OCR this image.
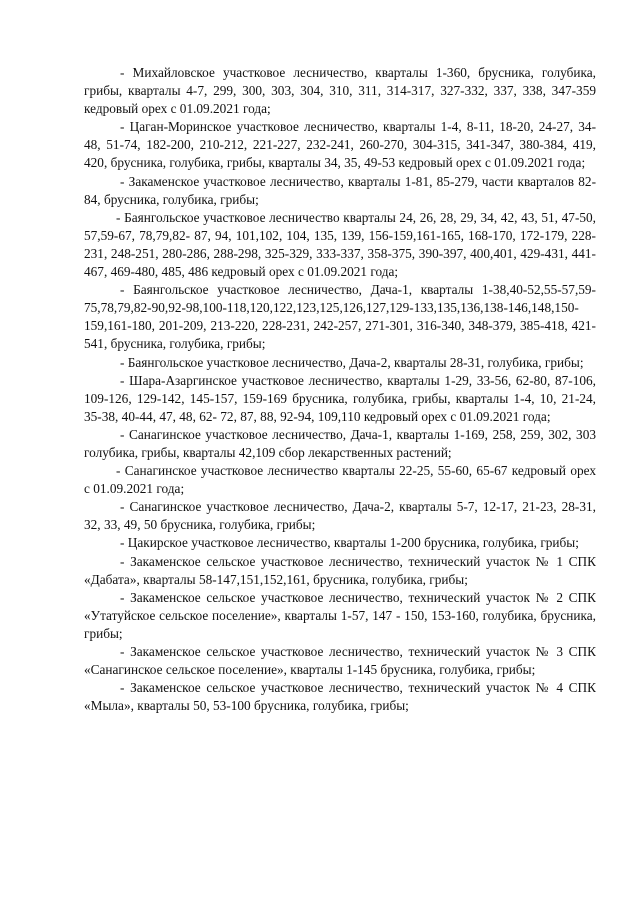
- Михайловское участковое лесничество, кварталы 1-360, брусника, голубика, грибы, кварталы 4-7, 299, 300, 303, 304, 310, 311, 314-317, 327-332, 337, 338, 347-359 кедровый орех с 01.09.2021 года;

- Цаган-Моринское участковое лесничество, кварталы 1-4, 8-11, 18-20, 24-27, 34-48, 51-74, 182-200, 210-212, 221-227, 232-241, 260-270, 304-315, 341-347, 380-384, 419, 420, брусника, голубика, грибы, кварталы 34, 35, 49-53 кедровый орех с 01.09.2021 года;

- Закаменское участковое лесничество, кварталы 1-81, 85-279, части кварталов 82-84, брусника, голубика, грибы;

- Баянгольское участковое лесничество кварталы 24, 26, 28, 29, 34, 42, 43, 51, 47-50, 57,59-67, 78,79,82- 87, 94, 101,102, 104, 135, 139, 156-159,161-165, 168-170, 172-179, 228-231, 248-251, 280-286, 288-298, 325-329, 333-337, 358-375, 390-397, 400,401, 429-431, 441-467, 469-480, 485, 486 кедровый орех с 01.09.2021 года;

- Баянгольское участковое лесничество, Дача-1, кварталы 1-38,40-52,55-57,59-75,78,79,82-90,92-98,100-118,120,122,123,125,126,127,129-133,135,136,138-146,148,150-159,161-180, 201-209, 213-220, 228-231, 242-257, 271-301, 316-340, 348-379, 385-418, 421-541, брусника, голубика, грибы;

- Баянгольское участковое лесничество, Дача-2, кварталы 28-31, голубика, грибы;

- Шара-Азаргинское участковое лесничество, кварталы 1-29, 33-56, 62-80, 87-106, 109-126, 129-142, 145-157, 159-169 брусника, голубика, грибы, кварталы 1-4, 10, 21-24, 35-38, 40-44, 47, 48, 62- 72, 87, 88, 92-94, 109,110 кедровый орех с 01.09.2021 года;

- Санагинское участковое лесничество, Дача-1, кварталы 1-169, 258, 259, 302, 303 голубика, грибы, кварталы 42,109 сбор лекарственных растений;

- Санагинское участковое лесничество кварталы 22-25, 55-60, 65-67 кедровый орех с 01.09.2021 года;

- Санагинское участковое лесничество, Дача-2, кварталы 5-7, 12-17, 21-23, 28-31, 32, 33, 49, 50 брусника, голубика, грибы;

- Цакирское участковое лесничество, кварталы 1-200 брусника, голубика, грибы;

- Закаменское сельское участковое лесничество, технический участок № 1 СПК «Дабата», кварталы 58-147,151,152,161, брусника, голубика, грибы;

- Закаменское сельское участковое лесничество, технический участок № 2 СПК «Утатуйское сельское поселение», кварталы 1-57, 147 - 150, 153-160, голубика, брусника, грибы;

- Закаменское сельское участковое лесничество, технический участок № 3 СПК «Санагинское сельское поселение», кварталы 1-145 брусника, голубика, грибы;

- Закаменское сельское участковое лесничество, технический участок № 4 СПК «Мыла», кварталы 50, 53-100 брусника, голубика, грибы;
